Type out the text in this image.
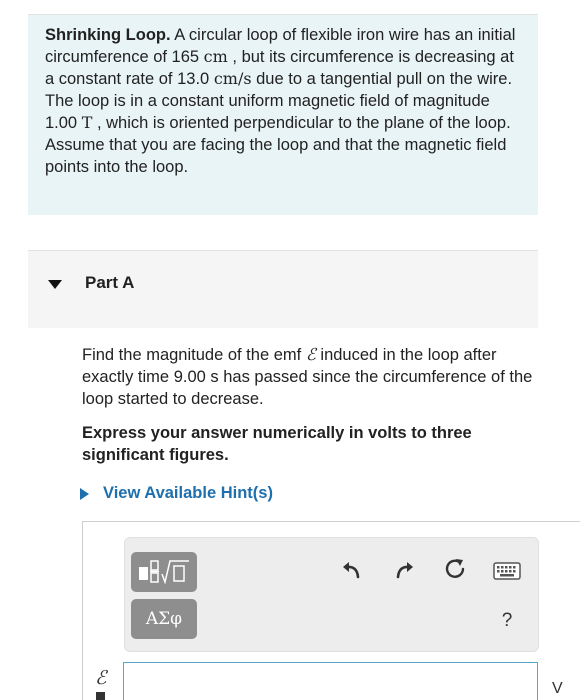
Shrinking Loop. A circular loop of flexible iron wire has an initial circumference of 165 cm , but its circumference is decreasing at a constant rate of 13.0 cm/s due to a tangential pull on the wire. The loop is in a constant uniform magnetic field of magnitude 1.00 T , which is oriented perpendicular to the plane of the loop. Assume that you are facing the loop and that the magnetic field points into the loop.
Part A
Find the magnitude of the emf ℰ induced in the loop after exactly time 9.00 s has passed since the circumference of the loop started to decrease.
Express your answer numerically in volts to three significant figures.
View Available Hint(s)
ΑΣφ	?
ℰ	V
